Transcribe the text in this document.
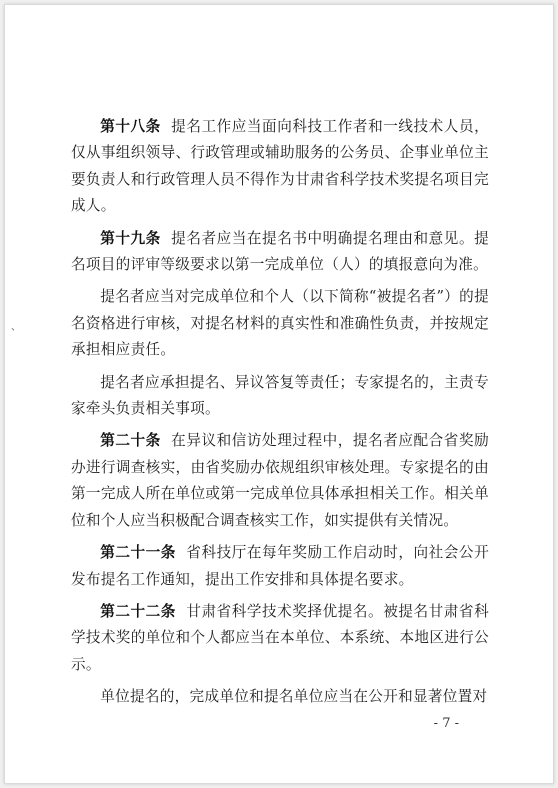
、

第十八条 提名工作应当面向科技工作者和一线技术人员，仅从事组织领导、行政管理或辅助服务的公务员、企事业单位主要负责人和行政管理人员不得作为甘肃省科学技术奖提名项目完成人。

第十九条 提名者应当在提名书中明确提名理由和意见。提名项目的评审等级要求以第一完成单位（人）的填报意向为准。

提名者应当对完成单位和个人（以下简称“被提名者”）的提名资格进行审核，对提名材料的真实性和准确性负责，并按规定承担相应责任。

提名者应承担提名、异议答复等责任；专家提名的，主责专家牵头负责相关事项。

第二十条 在异议和信访处理过程中，提名者应配合省奖励办进行调查核实，由省奖励办依规组织审核处理。专家提名的由第一完成人所在单位或第一完成单位具体承担相关工作。相关单位和个人应当积极配合调查核实工作，如实提供有关情况。

第二十一条 省科技厅在每年奖励工作启动时，向社会公开发布提名工作通知，提出工作安排和具体提名要求。

第二十二条 甘肃省科学技术奖择优提名。被提名甘肃省科学技术奖的单位和个人都应当在本单位、本系统、本地区进行公示。

单位提名的，完成单位和提名单位应当在公开和显著位置对

- 7 -
